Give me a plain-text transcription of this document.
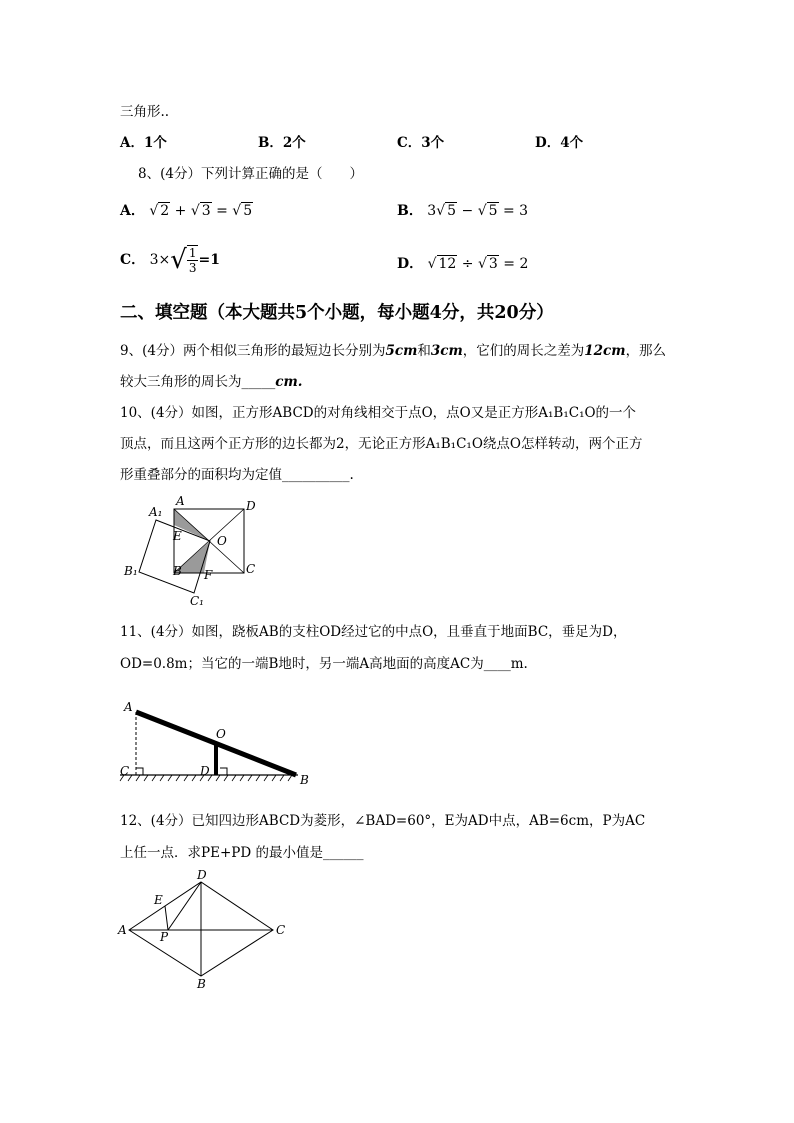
三角形..
A．1个	B．2个	C．3个	D．4个
8、(4分）下列计算正确的是（　　）
A． √ 2 + √ 3 = √ 5	B． 3√ 5 − √ 5 = 3
C． $3\times√ \frac{1}{3} =1$	D． √ 12 ÷ √ 3 = 2
二、填空题（本大题共5个小题，每小题4分，共20分）
9、(4分）两个相似三角形的最短边长分别为5cm和3cm，它们的周长之差为12cm，那么
较大三角形的周长为_____cm.
10、(4分）如图，正方形ABCD的对角线相交于点O，点O又是正方形A₁B₁C₁O的一个
顶点，而且这两个正方形的边长都为2，无论正方形A₁B₁C₁O绕点O怎样转动，两个正方
形重叠部分的面积均为定值__________.
A₁
A	D
E	O
B₁	B F	C
C₁
11、(4分）如图，跷板AB的支柱OD经过它的中点O，且垂直于地面BC，垂足为D，
OD=0.8m；当它的一端B地时，另一端A高地面的高度AC为____m.
A
O
C	D
B
12、(4分）已知四边形ABCD为菱形，∠BAD=60°，E为AD中点，AB=6cm，P为AC
上任一点．求PE+PD 的最小值是______
D
E
A	P	C
B
